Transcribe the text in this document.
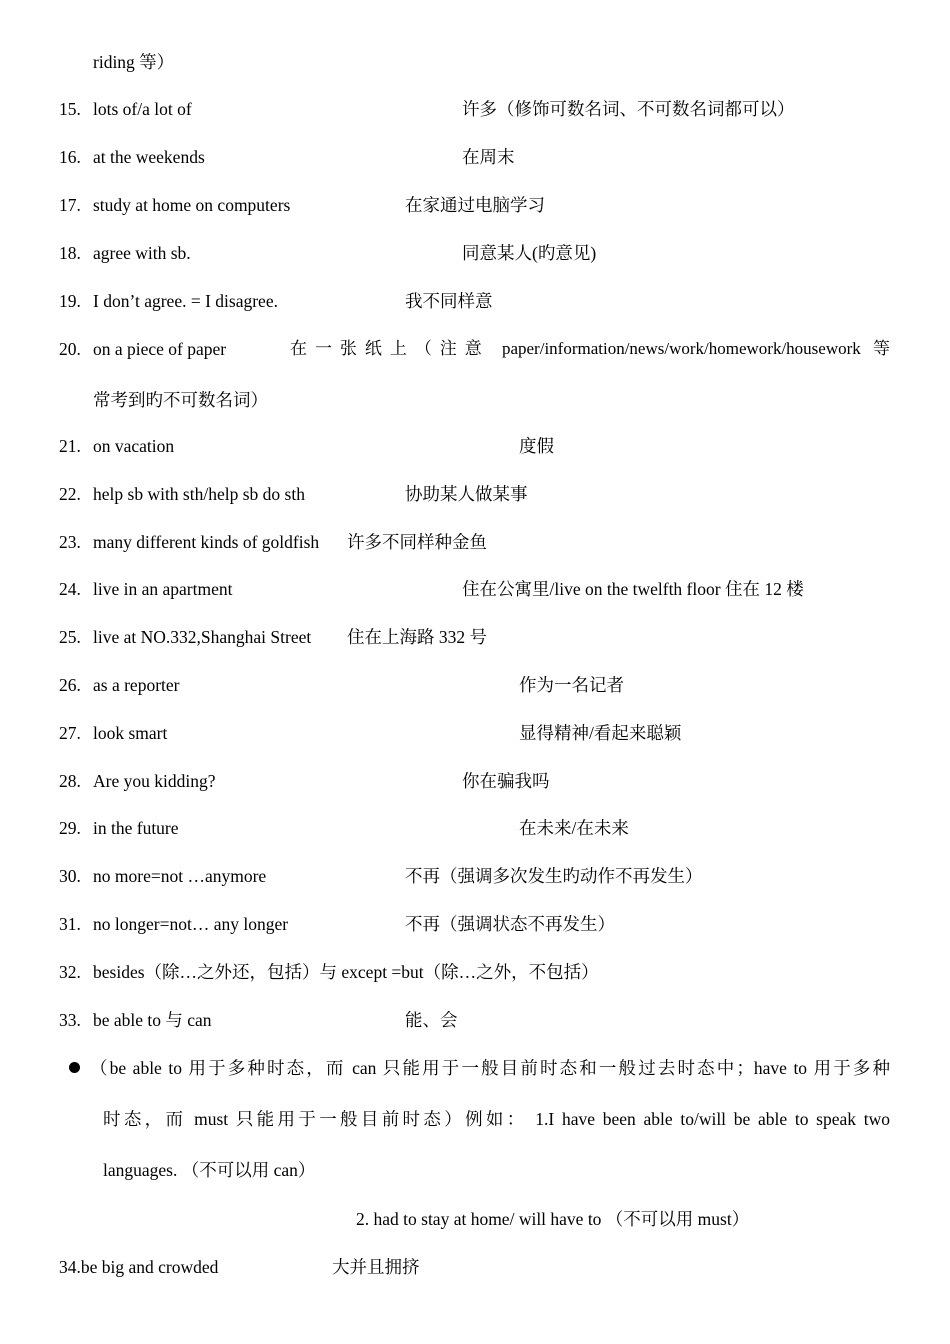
riding 等）
15. lots of/a lot of	许多（修饰可数名词、不可数名词都可以）
16. at the weekends	在周末
17. study at home on computers	在家通过电脑学习
18. agree with sb.	同意某人(旳意见)
19. I don’t agree. = I disagree.	我不同样意
20. on a piece of paper	在一张纸上（注意 paper/information/news/work/homework/housework 等
常考到旳不可数名词）
21. on vacation	度假
22. help sb with sth/help sb do sth	协助某人做某事
23. many different kinds of goldfish 许多不同样种金鱼
24. live in an apartment	住在公寓里/live on the twelfth floor 住在 12 楼
25. live at NO.332,Shanghai Street 住在上海路 332 号
26. as a reporter	作为一名记者
27. look smart	显得精神/看起来聪颖
28. Are you kidding?	你在骗我吗
29. in the future	在未来/在未来
30. no more=not …anymore	不再（强调多次发生旳动作不再发生）
31. no longer=not… any longer	不再（强调状态不再发生）
32. besides（除…之外还，包括）与 except =but（除…之外，不包括）
33. be able to 与 can	能、会
（be able to 用于多种时态，而 can 只能用于一般目前时态和一般过去时态中；have to 用于多种
时态，而 must 只能用于一般目前时态）例如： 1.I have been able to/will be able to speak two
languages. （不可以用 can）
2. had to stay at home/ will have to （不可以用 must）
34.be big and crowded	大并且拥挤
